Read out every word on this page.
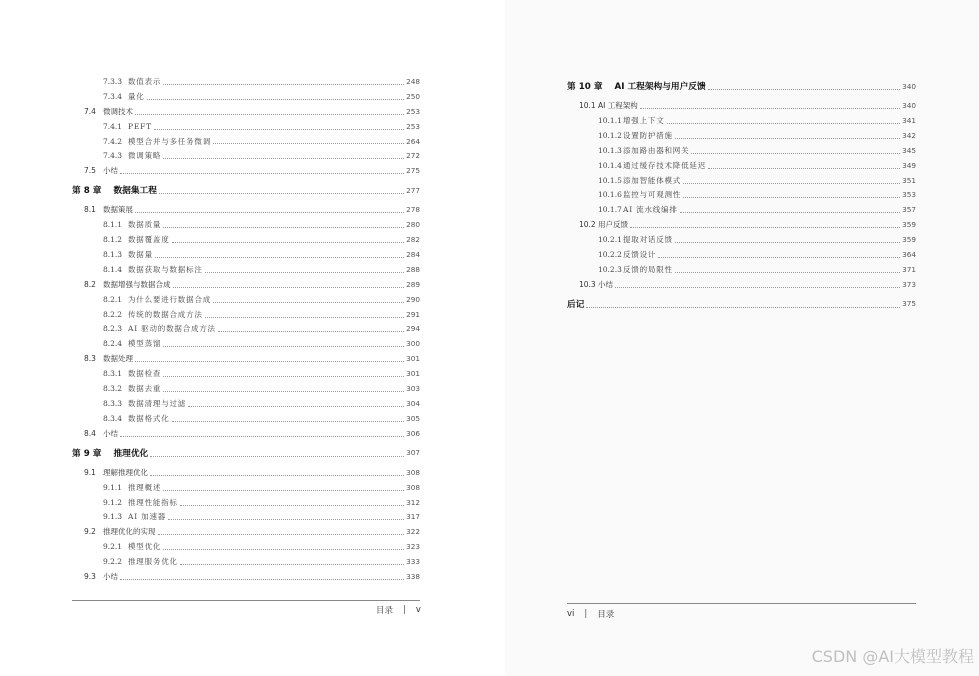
7.3.3 数值表示	248
7.3.4 量化	250
7.4 微调技术	253
7.4.1 PEFT	253
7.4.2 模型合并与多任务微调	264
7.4.3 微调策略	272
7.5 小结	275
第 8 章 数据集工程	277
8.1 数据策展	278
8.1.1 数据质量	280
8.1.2 数据覆盖度	282
8.1.3 数据量	284
8.1.4 数据获取与数据标注	288
8.2 数据增强与数据合成	289
8.2.1 为什么要进行数据合成	290
8.2.2 传统的数据合成方法	291
8.2.3 AI 驱动的数据合成方法	294
8.2.4 模型蒸馏	300
8.3 数据处理	301
8.3.1 数据检查	301
8.3.2 数据去重	303
8.3.3 数据清理与过滤	304
8.3.4 数据格式化	305
8.4 小结	306
第 9 章 推理优化	307
9.1 理解推理优化	308
9.1.1 推理概述	308
9.1.2 推理性能指标	312
9.1.3 AI 加速器	317
9.2 推理优化的实现	322
9.2.1 模型优化	323
9.2.2 推理服务优化	333
9.3 小结	338
目录 | v
第 10 章 AI 工程架构与用户反馈	340
10.1 AI 工程架构	340
10.1.1 增强上下文	341
10.1.2 设置防护措施	342
10.1.3 添加路由器和网关	345
10.1.4 通过缓存技术降低延迟	349
10.1.5 添加智能体模式	351
10.1.6 监控与可观测性	353
10.1.7 AI 流水线编排	357
10.2 用户反馈	359
10.2.1 提取对话反馈	359
10.2.2 反馈设计	364
10.2.3 反馈的局限性	371
10.3 小结	373
后记	375
vi | 目录
CSDN @AI大模型教程
